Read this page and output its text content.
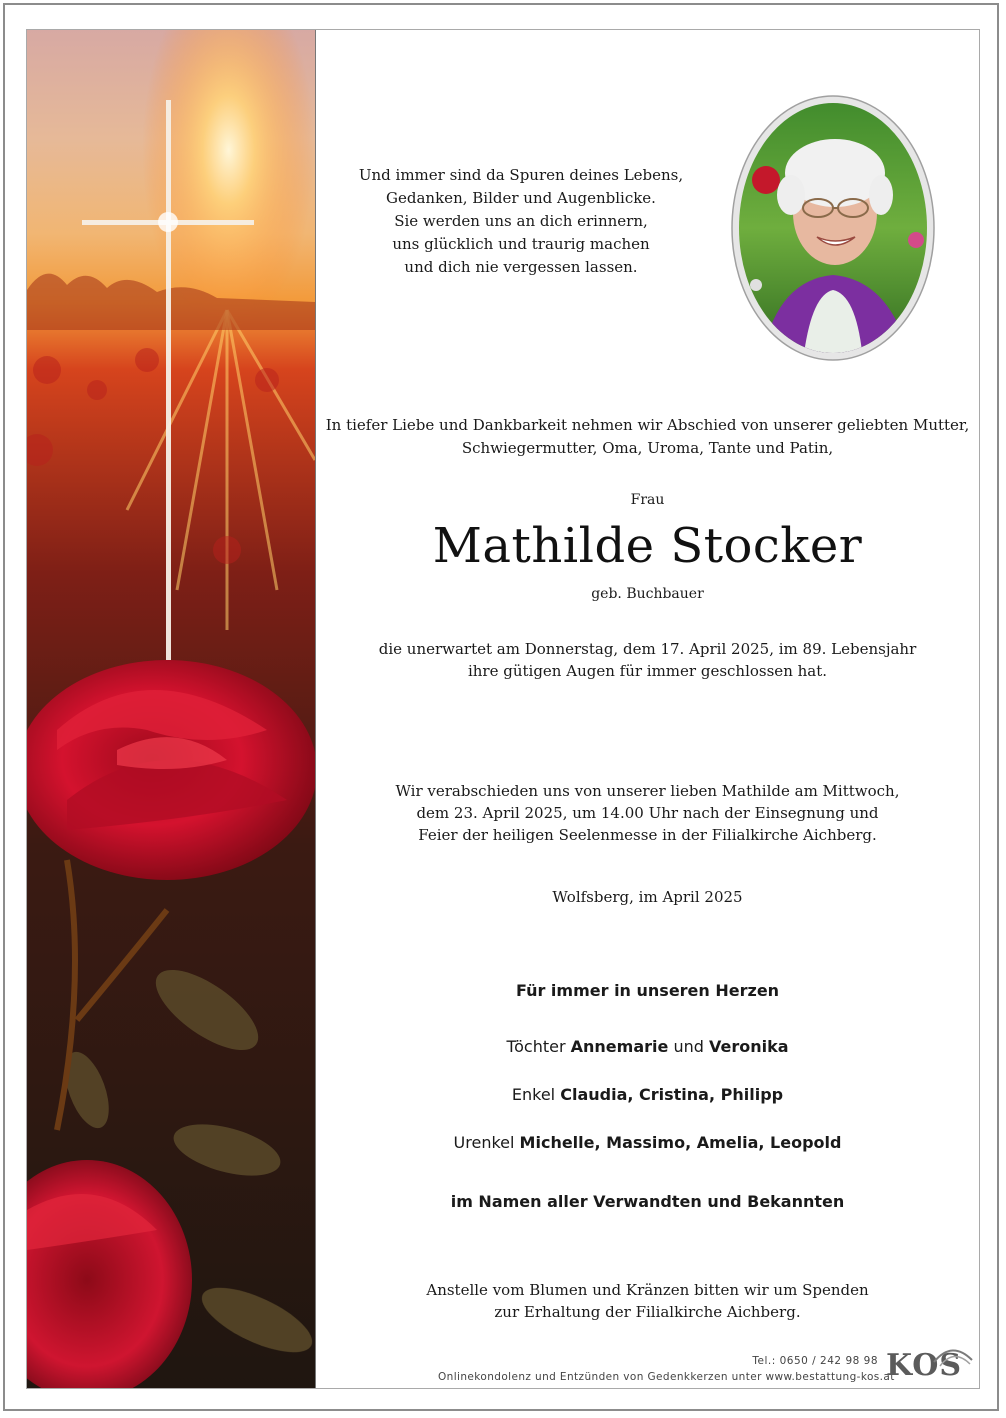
Und immer sind da Spuren deines Lebens,
Gedanken, Bilder und Augenblicke.
Sie werden uns an dich erinnern,
uns glücklich und traurig machen
und dich nie vergessen lassen.
In tiefer Liebe und Dankbarkeit nehmen wir Abschied von unserer geliebten Mutter,
Schwiegermutter, Oma, Uroma, Tante und Patin,
Frau
Mathilde Stocker
geb. Buchbauer
die unerwartet am Donnerstag, dem 17. April 2025, im 89. Lebensjahr
ihre gütigen Augen für immer geschlossen hat.
Wir verabschieden uns von unserer lieben Mathilde am Mittwoch,
dem 23. April 2025, um 14.00 Uhr nach der Einsegnung und
Feier der heiligen Seelenmesse in der Filialkirche Aichberg.
Wolfsberg, im April 2025
Für immer in unseren Herzen
Töchter Annemarie und Veronika
Enkel Claudia, Cristina, Philipp
Urenkel Michelle, Massimo, Amelia, Leopold
im Namen aller Verwandten und Bekannten
Anstelle vom Blumen und Kränzen bitten wir um Spenden
zur Erhaltung der Filialkirche Aichberg.
Tel.: 0650 / 242 98 98
Onlinekondolenz und Entzünden von Gedenkkerzen unter www.bestattung-kos.at
KOS
